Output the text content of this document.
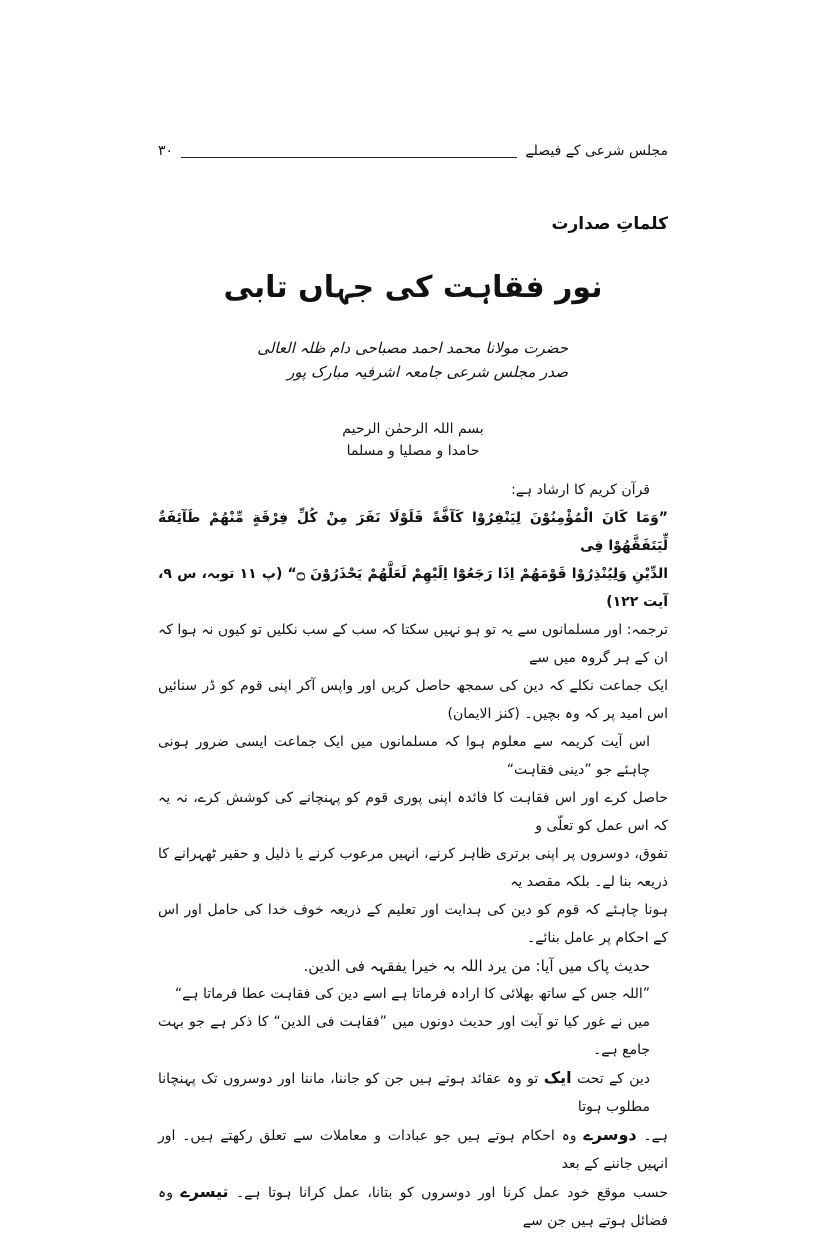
مجلس شرعی کے فیصلے
۳۰
کلماتِ صدارت
نور فقاہت کی جہاں تابی
حضرت مولانا محمد احمد مصباحی دام ظلہ العالی
صدر مجلس شرعی جامعہ اشرفیہ مبارک پور
بسم اللہ الرحمٰن الرحیم
حامدا و مصلیا و مسلما
قرآن کریم کا ارشاد ہے:
”وَمَا كَانَ الْمُؤْمِنُوْنَ لِيَنْفِرُوْا كَآفَّةً فَلَوْلَا نَفَرَ مِنْ كُلِّ فِرْقَةٍ مِّنْهُمْ طَآئِفَةٌ لِّيَتَفَقَّهُوْا فِی
الدِّيْنِ وَلِيُنْذِرُوْا قَوْمَهُمْ اِذَا رَجَعُوْٓا اِلَيْهِمْ لَعَلَّهُمْ يَحْذَرُوْنَ ۝“ (پ ۱۱ توبہ، س ۹، آیت ۱۲۲)
ترجمہ: اور مسلمانوں سے یہ تو ہو نہیں سکتا کہ سب کے سب نکلیں تو کیوں نہ ہوا کہ ان کے ہر گروہ میں سے
ایک جماعت نکلے کہ دین کی سمجھ حاصل کریں اور واپس آکر اپنی قوم کو ڈر سنائیں اس امید پر کہ وہ بچیں۔ (کنز الایمان)
اس آیت کریمہ سے معلوم ہوا کہ مسلمانوں میں ایک جماعت ایسی ضرور ہونی چاہئے جو ”دینی فقاہت“
حاصل کرے اور اس فقاہت کا فائدہ اپنی پوری قوم کو پہنچانے کی کوشش کرے، نہ یہ کہ اس عمل کو تعلّی و
تفوق، دوسروں پر اپنی برتری ظاہر کرنے، انہیں مرعوب کرنے یا ذلیل و حقیر ٹھہرانے کا ذریعہ بنا لے۔ بلکہ مقصد یہ
ہونا چاہئے کہ قوم کو دین کی ہدایت اور تعلیم کے ذریعہ خوف خدا کی حامل اور اس کے احکام پر عامل بنائے۔
حدیث پاک میں آیا: من یرد اللہ بہ خیرا یفقہہ فی الدین.
”اللہ جس کے ساتھ بھلائی کا ارادہ فرماتا ہے اسے دین کی فقاہت عطا فرماتا ہے“
میں نے غور کیا تو آیت اور حدیث دونوں میں ”فقاہت فی الدین“ کا ذکر ہے جو بہت جامع ہے۔
دین کے تحت ایک تو وہ عقائد ہوتے ہیں جن کو جاننا، ماننا اور دوسروں تک پہنچانا مطلوب ہوتا
ہے۔ دوسرے وہ احکام ہوتے ہیں جو عبادات و معاملات سے تعلق رکھتے ہیں۔ اور انہیں جاننے کے بعد
حسب موقع خود عمل کرنا اور دوسروں کو بتانا، عمل کرانا ہوتا ہے۔ تیسرے وہ فضائل ہوتے ہیں جن سے
